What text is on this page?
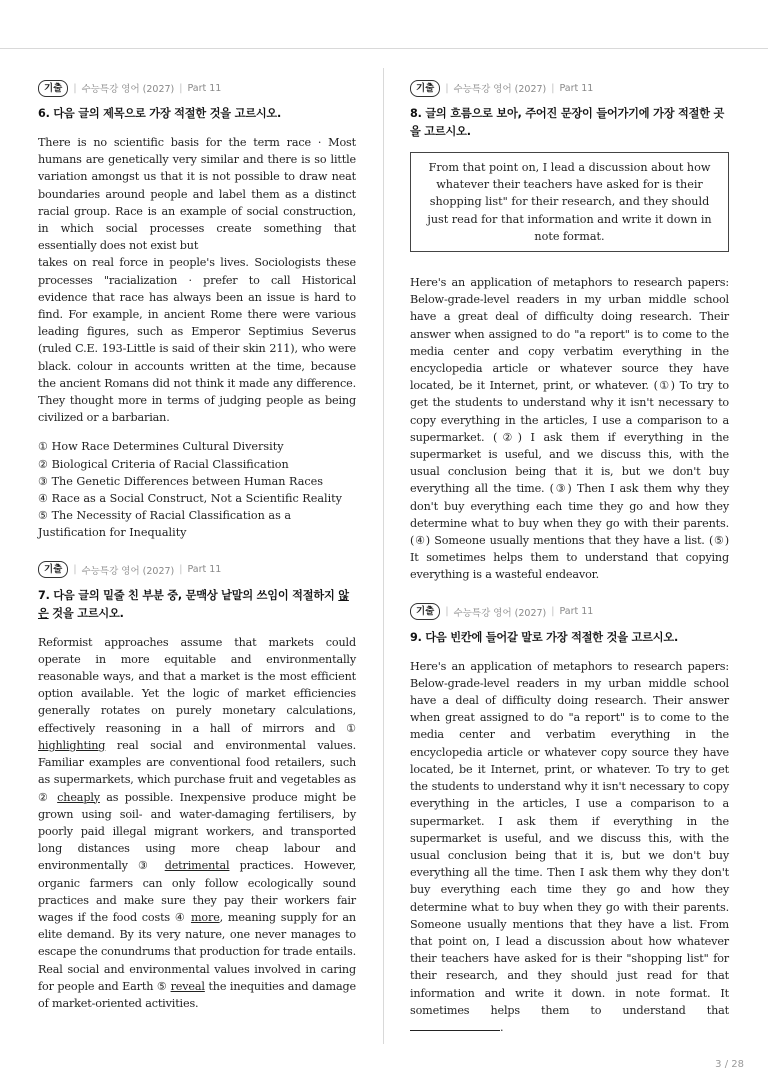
기출	| 수능특강 영어 (2027) | Part 11
6. 다음 글의 제목으로 가장 적절한 것을 고르시오.

There is no scientific basis for the term race · Most humans are genetically very similar and there is so little variation amongst us that it is not possible to draw neat boundaries around people and label them as a distinct racial group. Race is an example of social construction, in which social processes create something that essentially does not exist but

takes on real force in people's lives. Sociologists these processes "racialization · prefer to call Historical evidence that race has always been an issue is hard to find. For example, in ancient Rome there were various leading figures, such as Emperor Septimius Severus (ruled C.E. 193-Little is said of their skin 211), who were black. colour in accounts written at the time, because the ancient Romans did not think it made any difference. They thought more in terms of judging people as being civilized or a barbarian.

① How Race Determines Cultural Diversity

② Biological Criteria of Racial Classification

③ The Genetic Differences between Human Races

④ Race as a Social Construct, Not a Scientific Reality

⑤ The Necessity of Racial Classification as a Justification for Inequality

기출	| 수능특강 영어 (2027) | Part 11
7. 다음 글의 밑줄 친 부분 중, 문맥상 낱말의 쓰임이 적절하지 않은 것을 고르시오.

Reformist approaches assume that markets could operate in more equitable and environmentally reasonable ways, and that a market is the most efficient option available. Yet the logic of market efficiencies generally rotates on purely monetary calculations, effectively reasoning in a hall of mirrors and ① highlighting real social and environmental values. Familiar examples are conventional food retailers, such as supermarkets, which purchase fruit and vegetables as ② cheaply as possible. Inexpensive produce might be grown using soil- and water-damaging fertilisers, by poorly paid illegal migrant workers, and transported long distances using more cheap labour and environmentally ③ detrimental practices. However, organic farmers can only follow ecologically sound practices and make sure they pay their workers fair wages if the food costs ④ more, meaning supply for an elite demand. By its very nature, one never manages to escape the conundrums that production for trade entails. Real social and environmental values involved in caring for people and Earth ⑤ reveal the inequities and damage of market-oriented activities.

기출	| 수능특강 영어 (2027) | Part 11
8. 글의 흐름으로 보아, 주어진 문장이 들어가기에 가장 적절한 곳을 고르시오.
From that point on, I lead a discussion about how whatever their teachers have asked for is their shopping list" for their research, and they should just read for that information and write it down in note format.

Here's an application of metaphors to research papers: Below-grade-level readers in my urban middle school have a great deal of difficulty doing research. Their answer when assigned to do "a report" is to come to the media center and copy verbatim everything in the encyclopedia article or whatever source they have located, be it Internet, print, or whatever. (①) To try to get the students to understand why it isn't necessary to copy everything in the articles, I use a comparison to a supermarket. (②) I ask them if everything in the supermarket is useful, and we discuss this, with the usual conclusion being that it is, but we don't buy everything all the time. (③) Then I ask them why they don't buy everything each time they go and how they determine what to buy when they go with their parents. (④) Someone usually mentions that they have a list. (⑤) It sometimes helps them to understand that copying everything is a wasteful endeavor.

기출	| 수능특강 영어 (2027) | Part 11
9. 다음 빈칸에 들어갈 말로 가장 적절한 것을 고르시오.

Here's an application of metaphors to research papers: Below-grade-level readers in my urban middle school have a deal of difficulty doing research. Their answer when great assigned to do "a report" is to come to the media center and verbatim everything in the encyclopedia article or whatever copy source they have located, be it Internet, print, or whatever. To try to get the students to understand why it isn't necessary to copy everything in the articles, I use a comparison to a supermarket. I ask them if everything in the supermarket is useful, and we discuss this, with the usual conclusion being that it is, but we don't buy everything all the time. Then I ask them why they don't buy everything each time they go and how they determine what to buy when they go with their parents. Someone usually mentions that they have a list. From that point on, I lead a discussion about how whatever their teachers have asked for is their "shopping list" for their research, and they should just read for that information and write it down. in note format. It sometimes helps them to understand that .

3 / 28
